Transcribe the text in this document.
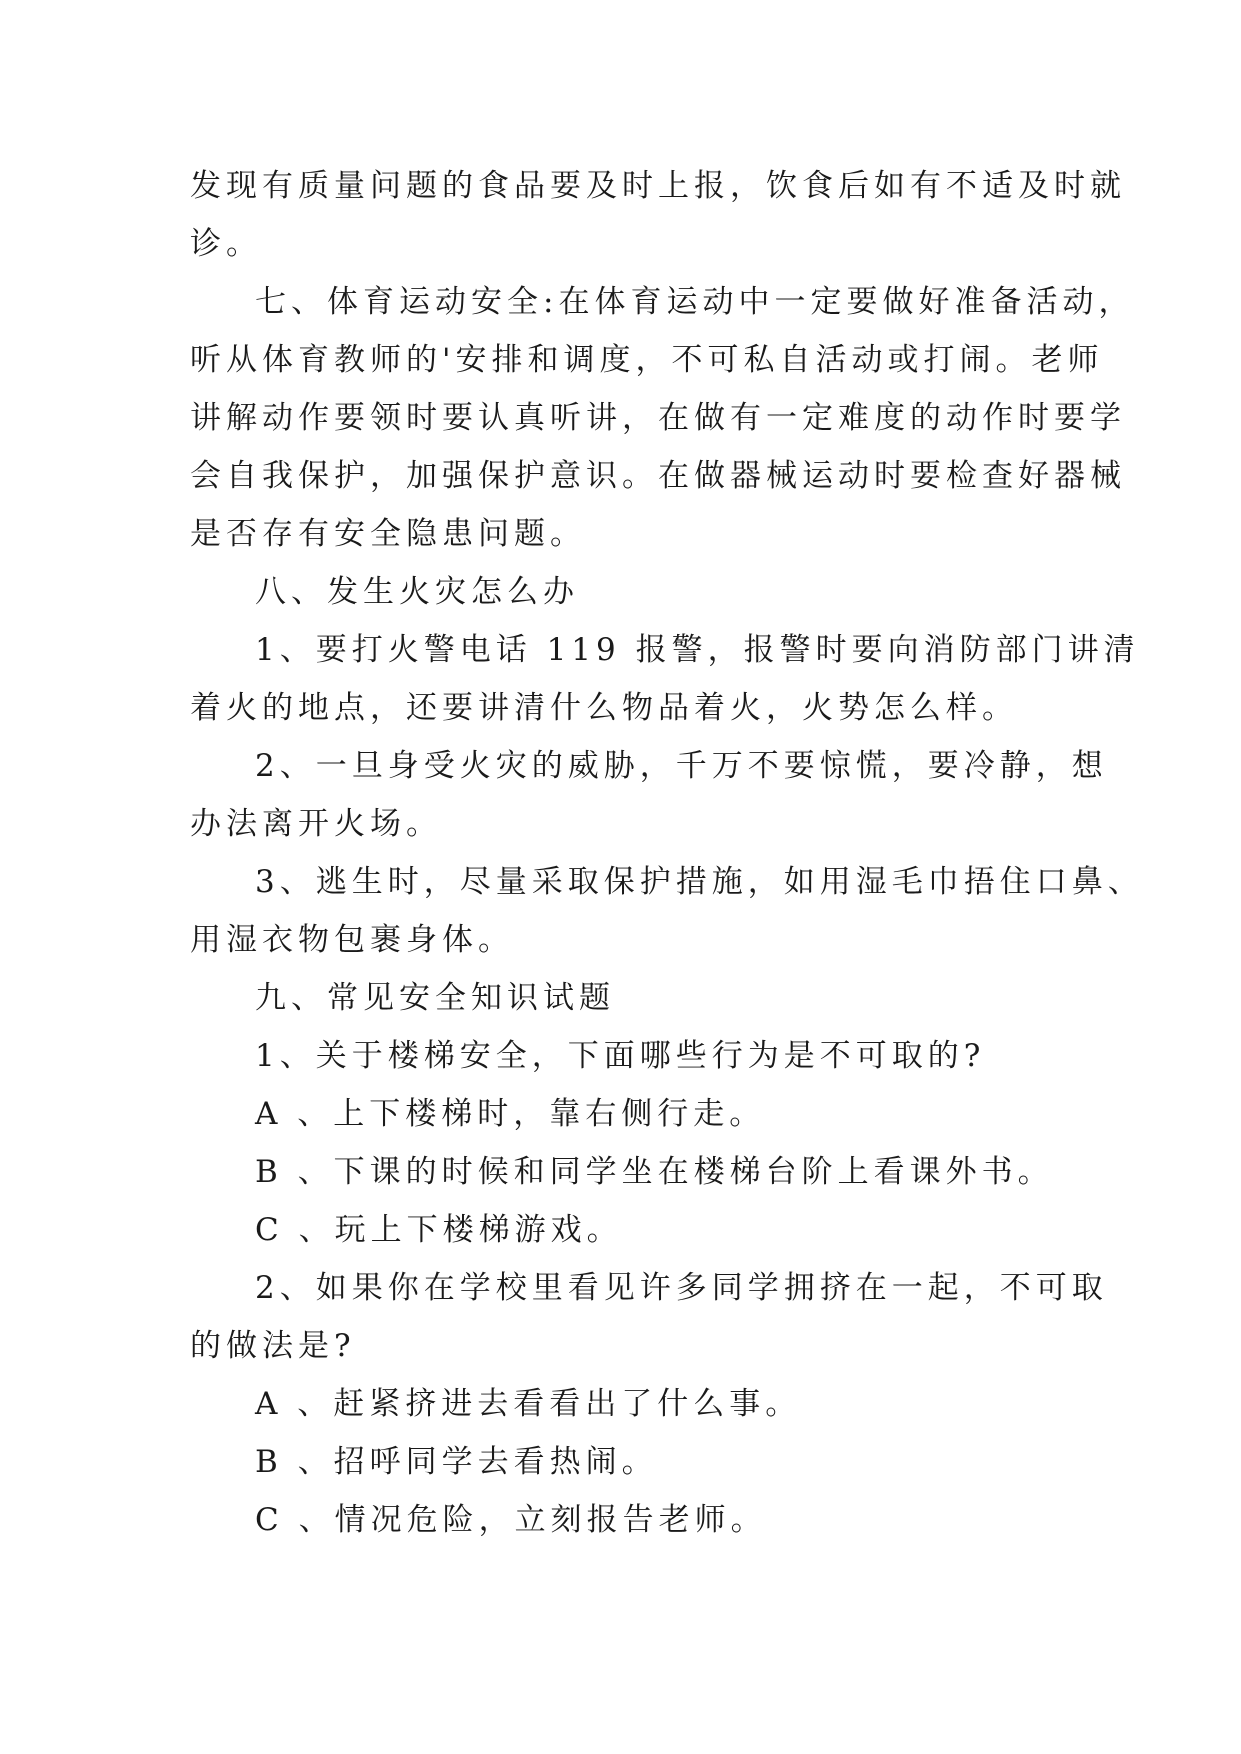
发现有质量问题的食品要及时上报，饮食后如有不适及时就
诊。
七、体育运动安全:在体育运动中一定要做好准备活动，
听从体育教师的'安排和调度，不可私自活动或打闹。老师
讲解动作要领时要认真听讲，在做有一定难度的动作时要学
会自我保护，加强保护意识。在做器械运动时要检查好器械
是否存有安全隐患问题。
八、发生火灾怎么办
1、要打火警电话 119 报警，报警时要向消防部门讲清
着火的地点，还要讲清什么物品着火，火势怎么样。
2、一旦身受火灾的威胁，千万不要惊慌，要冷静，想
办法离开火场。
3、逃生时，尽量采取保护措施，如用湿毛巾捂住口鼻、
用湿衣物包裹身体。
九、常见安全知识试题
1、关于楼梯安全，下面哪些行为是不可取的?
A 、上下楼梯时，靠右侧行走。
B 、下课的时候和同学坐在楼梯台阶上看课外书。
C 、玩上下楼梯游戏。
2、如果你在学校里看见许多同学拥挤在一起，不可取
的做法是?
A 、赶紧挤进去看看出了什么事。
B 、招呼同学去看热闹。
C 、情况危险，立刻报告老师。
